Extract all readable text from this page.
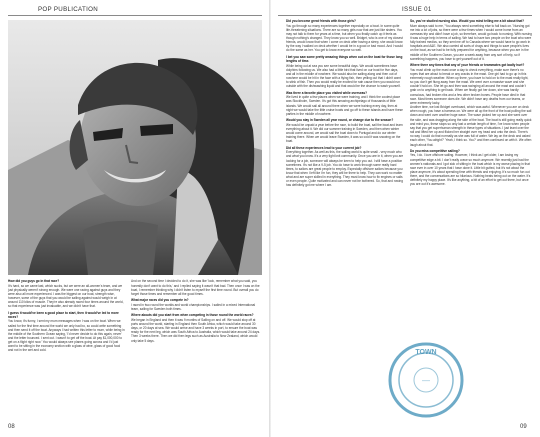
POP PUBLICATION	ISSUE 01
How did you guys go in that race?
It's hard, so we came last, which sucks, but we were an all-women's team, and we just physically weren't strong enough. We were one racing against guys and they were also all more experienced. I was the biggest on our boat, strength wise, however, some of the guys that you would be sailing against would weigh in at around 110 kilos of muscle. They're also already raced four times around the world, so that experience was just invaluable, and we didn't have that.
I guess it would've been a good place to start, then it would've led to more races?
You know, it's funny, I sent my mum messages when I was on the boat. When we sailed for the first time around the world we only had bo, so could write something and then send it off the boat. Anyways I had written this letter to mum, while being in the middle of the Southern Ocean saying, 'I'd never decide to do this again, never' and the letter bounced. I sent out. I wasn't to get off the boat. At pay $1,000,000 to get on a flight right now.' You would always see planes going across and I'd just want to be sitting in the economy section with a glass of wine, glass of good food and not in the wet and cold.
And on the second time I decided to do it, she was like 'look, remember what you said, you honestly don't want to do this,' and I replied saying it wasn't that bad. Then once I was on the boat, I remember thinking why I didn't listen to myself the first time round. But overall you do forget those times and remember all the good times.
What major races did you compete in?
I raced in two round the worlds and world championships. I sailed in a mixed International team, sailing for Sweden both times.
Where abouts did you start from when competing in those round the world races?
We began in England and then it was 9 months of Sailing on and off. We would stop off at ports around the world, starting in England then South Africa, which would take around 30 days, or 20 days at sea. We would arrive and have 3 weeks in port, to ensure the boat was ready for the next leg, which was South Africa to Australia, which would take around 24 days. Then 3 weeks there. Then we did then legs such as Australia to New Zealand, which would only take 5 days.
Did you become great friends with those girls?
You go through so many experiences together especially on a boat. In some quite life-threatening situations. There are so many girls now that are just like sisters. You may not talk to them for years at a time, but when you finally catch up it feels as though nothing's changed. They know you so well. Bridget, who is one of my closest friends, would know that when I come on deck after having a sleep, she would know by the way I walked on deck whether I would be in a good or bad mood. And I would do the same as her. You get to know everyone so well.
I bet you saw some pretty amazing things when out on the boat for those long lengths of time.
While being out at sea you see some beautiful days. We would sometimes have dolphins following us. We also had a little bird that lived on our boat for five days, and all in the middle of nowhere. We would also be sailing along and then out of nowhere would be hit in the face with a flying fish, then yelling out that I didn't want to stink of fish. Then you would really be excited for rain cause then you would run outside with the dishwashing liquid and that would be the chance to wash yourself.
Was there a favorite place you visited while overseas?
We lived in quite a few places when we were training, and I think the coolest place was Stockholm, Sweden. It's got this amazing archipelago of thousands of little islands. We would sail all around there when we were training every day, then at night we would take the little cruise boats and go off to these islands and have these parties in the middle of nowhere.
Would you stay in Sweden all year round, or change due to the season?
We would be unpaid a year before the race, to build the boat, sail the boat and learn everything about it. We did our summer training in Sweden, and then when winter would come around, we would sail the boat down to Portugal and do our winter training there. When we would leave Sweden, it was so cold it was snowing on the boat.
Did all these experiences lead to your current job?
Everything together. As well as this, the sailing world is quite small - very much who and what you know. It's a very tight knit community. Once you are in it, when you are looking for a job, someone will always be keen to help you out. I still have a position sometimes. It's not like a 9-5 job. You do have to work through some really hard times, to sailors are great people to employ. Especially offshore sailors because you know that when I left like I'm fun, they will be there to help. They can work no matter what and are super skilled in everything. They must know how to fix engines or sails or even people. Quite motivated and can never not be bothered. So, that and rowing has definitely got me where I am.
So, you've studied nursing also. Would you mind telling me a bit about that?
Mum always said to me, 'You always need something else to fall back on.' Nursing got me into a lot of jobs, so there were a few times when I would come home from an overseas trip and didn't have a job, so therefore, would go back to nursing. With nursing it was a huge help in terms of sailing. We had to have two people on the boat who were fully trained medics, so they sent me off to Canada where we would have to go work in hospitals and A&E. We also carried all sorts of drugs and things to save people's lives on the boat, as we had to be fully prepared for anything, because when you are in the middle of the Southern Ocean, you are a week away from any sort of help, so if something happens, you have to get yourself out of it.
Where there any times that any of your friends or teammates got badly hurt?
You must climb up the mast once a day to check everything, make sure there's no ropes that are about to break or any cracks in the mast. One girl had to go up in this extremely rough weather. When up there, you have to hold on to the mast really tight, so you don't get flung away from the mast. We went over a massive wave and she couldn't hold on. She let go and then was swinging all around the mast and couldn't grab on to anything to get back. When we finally got her down, she was hardly conscious, had broken ribs and a few other broken bones. People have died in that race. Most times someone does die. We didn't have any deaths from our teams, or were extremely lucky.
Another time, we lost Bridget overboard, which was awful. Whenever you are on deck when rough, you have a harness on. We were all up the front of the boat pulling the sail down and went over another huge wave. The wave picked her up and she went over the side, and was dragging along the side of the boat. The boat is still going really quick and mind you, these stops so only last a certain length of time, I've know when people say that you get superhuman strength in these types of situations. I just leant over the rail and lifted her up and flicked her straight over my head and onto the deck. There's no way I could do that normally as she was full of water. We lay on the deck and asked each other, 'You alright?' 'Yeah, I think so. You?' and then continued on with it. We often laugh about that.
Do you miss competitive sailing?
Yes, I do. I love offshore sailing. However, I think as I get older, I am losing my competitive edge a bit. I don't really crave so much anymore. We recently just had the women's nationals and I got sick of sitting in the boat which is my worse placing in that race ever in over 10 years that I have done it. Little bit gutted, but it's not about the place anymore, it's about spending time with friends and enjoying. It's so much fun out there, and the conversations are so hilarious. Nothing beats being out on the water. It's definitely my happy place. It's like anything, a bit of an effort to get out there, but once you are out it's awesome.
TOWN
—
08	09
